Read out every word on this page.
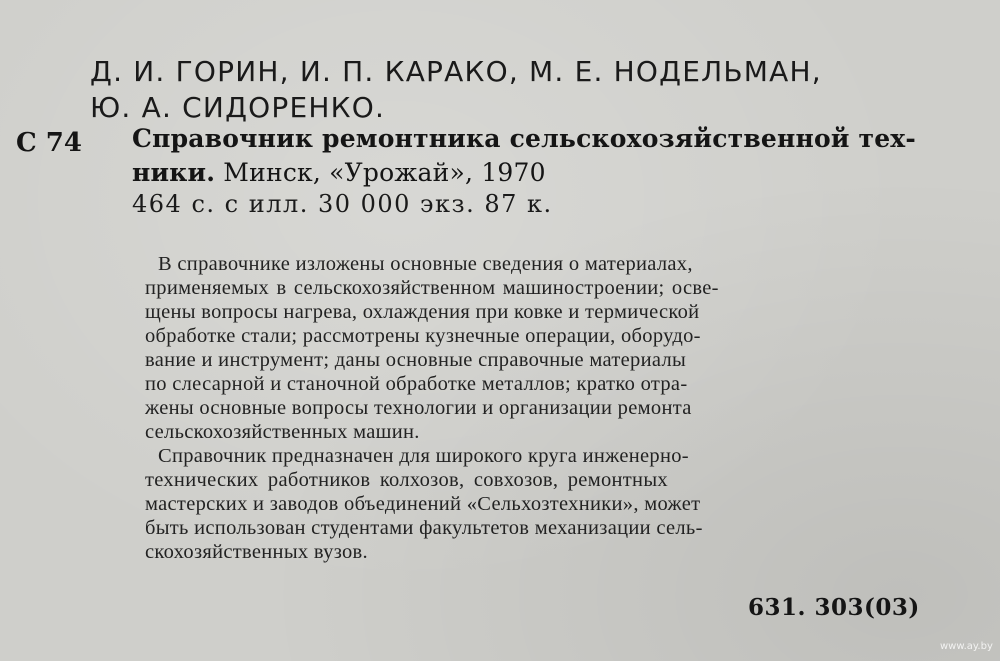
Д. И. ГОРИН, И. П. КАРАКО, М. Е. НОДЕЛЬМАН,
Ю. А. СИДОРЕНКО.
С 74 Справочник ремонтника сельскохозяйственной тех-
ники. Минск, «Урожай», 1970
464 с. с илл. 30 000 экз. 87 к.
В справочнике изложены основные сведения о материалах,
применяемых в сельскохозяйственном машиностроении; осве-
щены вопросы нагрева, охлаждения при ковке и термической
обработке стали; рассмотрены кузнечные операции, оборудо-
вание и инструмент; даны основные справочные материалы
по слесарной и станочной обработке металлов; кратко отра-
жены основные вопросы технологии и организации ремонта
сельскохозяйственных машин.
Справочник предназначен для широкого круга инженерно-
технических работников колхозов, совхозов, ремонтных
мастерских и заводов объединений «Сельхозтехники», может
быть использован студентами факультетов механизации сель-
скохозяйственных вузов.
631. 303(03)
www.ay.by
